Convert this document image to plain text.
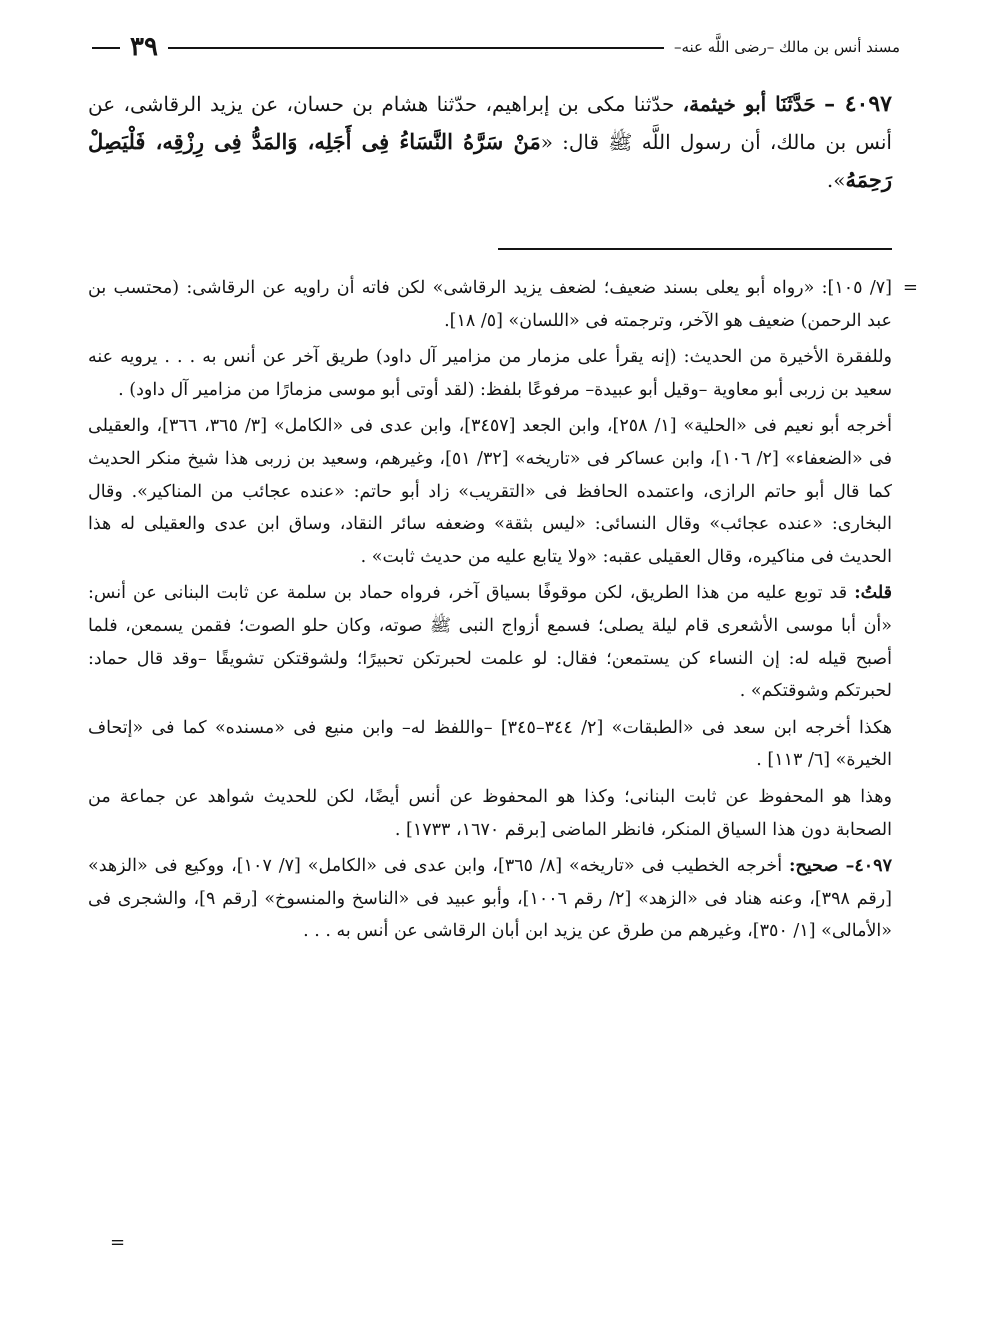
٣٩	مسند أنس بن مالك –رضى اللَّه عنه–
٤٠٩٧ – حَدَّثَنَا أبو خيثمة، حدّثنا مكى بن إبراهيم، حدّثنا هشام بن حسان، عن يزيد الرقاشى، عن أنس بن مالك، أن رسول اللَّه ﷺ قال: «مَنْ سَرَّهُ النَّسَاءُ فِى أَجَلِه، وَالمَدُّ فِى رِزْقِه، فَلْيَصِلْ رَحِمَهُ».
=

[٧/ ١٠٥]: «رواه أبو يعلى بسند ضعيف؛ لضعف يزيد الرقاشى» لكن فاته أن راويه عن الرقاشى: (محتسب بن عبد الرحمن) ضعيف هو الآخر، وترجمته فى «اللسان» [٥/ ١٨].

وللفقرة الأخيرة من الحديث: (إنه يقرأ على مزمار من مزامير آل داود) طريق آخر عن أنس به . . . يرويه عنه سعيد بن زربى أبو معاوية –وقيل أبو عبيدة– مرفوعًا بلفظ: (لقد أوتى أبو موسى مزمارًا من مزامير آل داود) .

أخرجه أبو نعيم فى «الحلية» [١/ ٢٥٨]، وابن الجعد [٣٤٥٧]، وابن عدى فى «الكامل» [٣/ ٣٦٥، ٣٦٦]، والعقيلى فى «الضعفاء» [٢/ ١٠٦]، وابن عساكر فى «تاريخه» [٣٢/ ٥١]، وغيرهم، وسعيد بن زربى هذا شيخ منكر الحديث كما قال أبو حاتم الرازى، واعتمده الحافظ فى «التقريب» زاد أبو حاتم: «عنده عجائب من المناكير». وقال البخارى: «عنده عجائب» وقال النسائى: «ليس بثقة» وضعفه سائر النقاد، وساق ابن عدى والعقيلى له هذا الحديث فى مناكيره، وقال العقيلى عقبه: «ولا يتابع عليه من حديث ثابت» .

قلتُ: قد توبع عليه من هذا الطريق، لكن موقوفًا بسياق آخر، فرواه حماد بن سلمة عن ثابت البنانى عن أنس: «أن أبا موسى الأشعرى قام ليلة يصلى؛ فسمع أزواج النبى ﷺ صوته، وكان حلو الصوت؛ فقمن يسمعن، فلما أصبح قيله له: إن النساء كن يستمعن؛ فقال: لو علمت لحبرتكن تحبيرًا؛ ولشوقتكن تشويقًا –وقد قال حماد: لحبرتكم وشوقتكم» .

هكذا أخرجه ابن سعد فى «الطبقات» [٢/ ٣٤٤–٣٤٥] –واللفظ له– وابن منيع فى «مسنده» كما فى «إتحاف الخيرة» [٦/ ١١٣] .

وهذا هو المحفوظ عن ثابت البنانى؛ وكذا هو المحفوظ عن أنس أيضًا، لكن للحديث شواهد عن جماعة من الصحابة دون هذا السياق المنكر، فانظر الماضى [برقم ١٦٧٠، ١٧٣٣] .

٤٠٩٧– صحيح: أخرجه الخطيب فى «تاريخه» [٨/ ٣٦٥]، وابن عدى فى «الكامل» [٧/ ١٠٧]، ووكيع فى «الزهد» [رقم ٣٩٨]، وعنه هناد فى «الزهد» [٢/ رقم ١٠٠٦]، وأبو عبيد فى «الناسخ والمنسوخ» [رقم ٩]، والشجرى فى «الأمالى» [١/ ٣٥٠]، وغيرهم من طرق عن يزيد ابن أبان الرقاشى عن أنس به . . .

=
